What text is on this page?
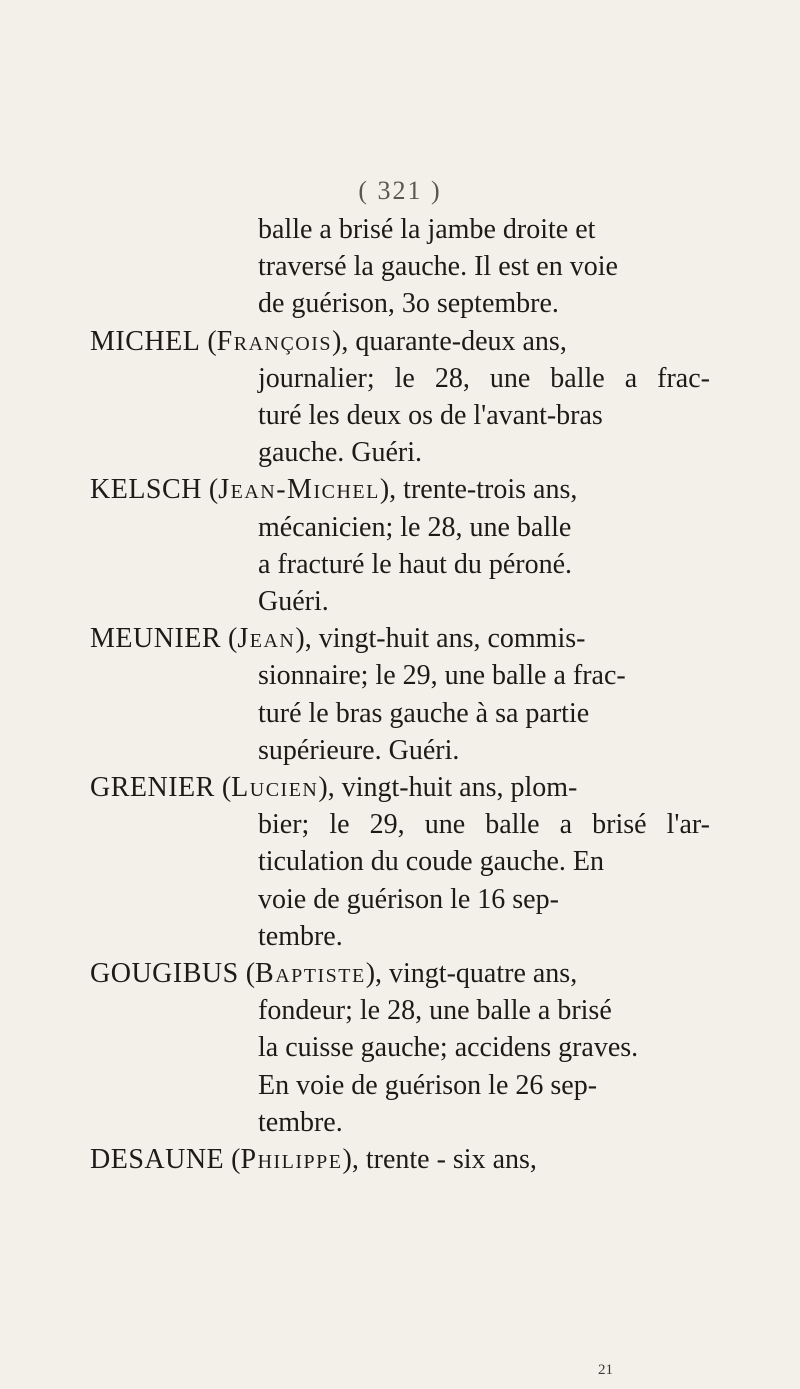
( 321 )
balle a brisé la jambe droite et
traversé la gauche. Il est en voie
de guérison, 3o septembre.
MICHEL (François), quarante-deux ans,
journalier; le 28, une balle a frac-
turé les deux os de l'avant-bras
gauche. Guéri.
KELSCH (Jean-Michel), trente-trois ans,
mécanicien; le 28, une balle
a fracturé le haut du péroné.
Guéri.
MEUNIER (Jean), vingt-huit ans, commis-
sionnaire; le 29, une balle a frac-
turé le bras gauche à sa partie
supérieure. Guéri.
GRENIER (Lucien), vingt-huit ans, plom-
bier; le 29, une balle a brisé l'ar-
ticulation du coude gauche. En
voie de guérison le 16 sep-
tembre.
GOUGIBUS (Baptiste), vingt-quatre ans,
fondeur; le 28, une balle a brisé
la cuisse gauche; accidens graves.
En voie de guérison le 26 sep-
tembre.
DESAUNE (Philippe), trente - six ans,
21
